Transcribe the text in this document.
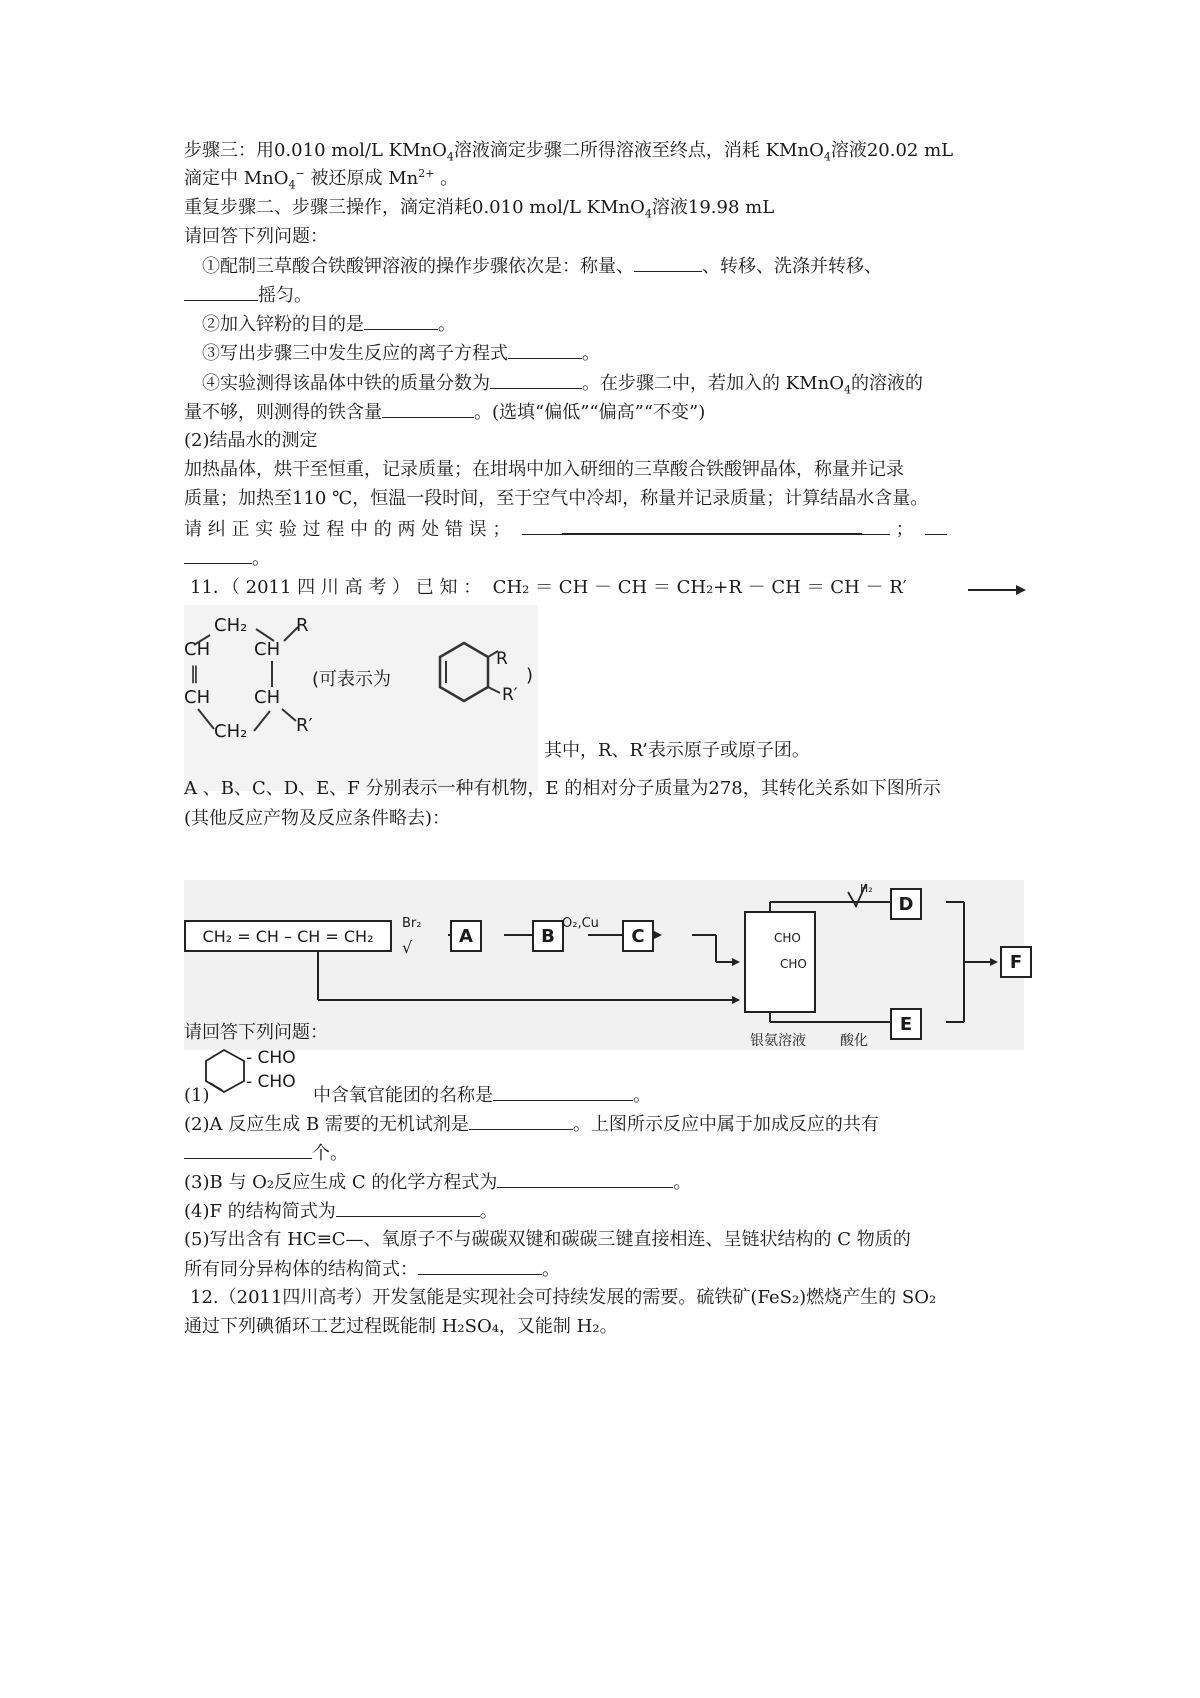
步骤三：用0.010 mol/L KMnO$_4$溶液滴定步骤二所得溶液至终点，消耗 KMnO$_4$溶液20.02 mL
滴定中 MnO$_4$− 被还原成 $Mn^{2+}$ 。
重复步骤二、步骤三操作，滴定消耗0.010 mol/L KMnO$_4$溶液19.98 mL
请回答下列问题：
①配制三草酸合铁酸钾溶液的操作步骤依次是：称量、	、转移、洗涤并转移、
摇匀。
②加入锌粉的目的是	。
③写出步骤三中发生反应的离子方程式	。
④实验测得该晶体中铁的质量分数为	。在步骤二中，若加入的 KMnO$_4$的溶液的
量不够，则测得的铁含量	。(选填“偏低”“偏高”“不变”)
(2)结晶水的测定
加热晶体，烘干至恒重，记录质量；在坩埚中加入研细的三草酸合铁酸钾晶体，称量并记录
质量；加热至110 ℃，恒温一段时间，至于空气中冷却，称量并记录质量；计算结晶水含量。
请 纠 正 实 验 过 程 中 的 两 处 错 误 ；	；
。
11．（ 2011 四 川 高 考 ） 已 知 ： CH₂ ＝ CH － CH ＝ CH₂+R － CH ＝ CH － R′
CH₂	R
CH
‖
CH
CH CH
CH₂	R′
(可表示为
R
R′
)
其中，R、R’表示原子或原子团。
A 、B、C、D、E、F 分别表示一种有机物，E 的相对分子质量为278，其转化关系如下图所示
(其他反应产物及反应条件略去)：
CH₂ = CH – CH = CH₂
Br₂
√
A	B
O₂,Cu
C	CHO
CHO
H₂
D
E
F
银氨溶液 酸化
请回答下列问题：
(1)	中含氧官能团的名称是	。
- CHO
- CHO
(2)A 反应生成 B 需要的无机试剂是	。上图所示反应中属于加成反应的共有
个。
(3)B 与 O₂反应生成 C 的化学方程式为	。
(4)F 的结构简式为	。
(5)写出含有 HC≡C—、氧原子不与碳碳双键和碳碳三键直接相连、呈链状结构的 C 物质的
所有同分异构体的结构简式：	。
12.（2011四川高考）开发氢能是实现社会可持续发展的需要。硫铁矿(FeS₂)燃烧产生的 SO₂
通过下列碘循环工艺过程既能制 H₂SO₄，又能制 H₂。
